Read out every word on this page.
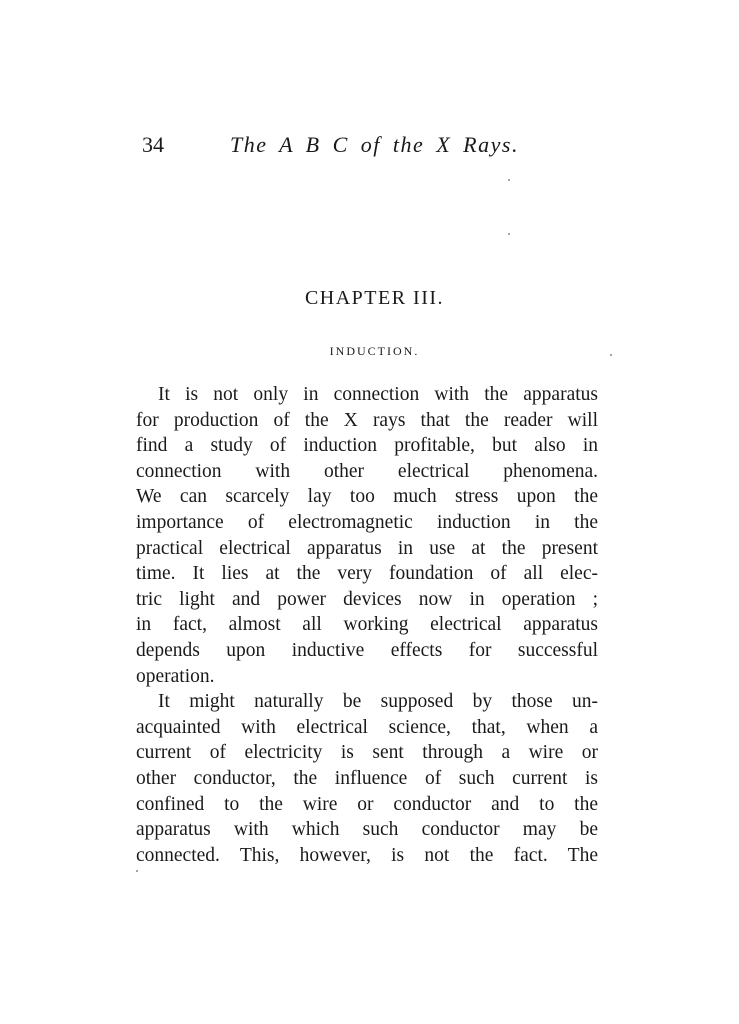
34	The A B C of the X Rays.
CHAPTER III.
INDUCTION.
It is not only in connection with the apparatus
for production of the X rays that the reader will
find a study of induction profitable, but also in
connection with other electrical phenomena.
We can scarcely lay too much stress upon the
importance of electromagnetic induction in the
practical electrical apparatus in use at the present
time. It lies at the very foundation of all elec-
tric light and power devices now in operation ;
in fact, almost all working electrical apparatus
depends upon inductive effects for successful
operation.
It might naturally be supposed by those un-
acquainted with electrical science, that, when a
current of electricity is sent through a wire or
other conductor, the influence of such current is
confined to the wire or conductor and to the
apparatus with which such conductor may be
connected. This, however, is not the fact. The
